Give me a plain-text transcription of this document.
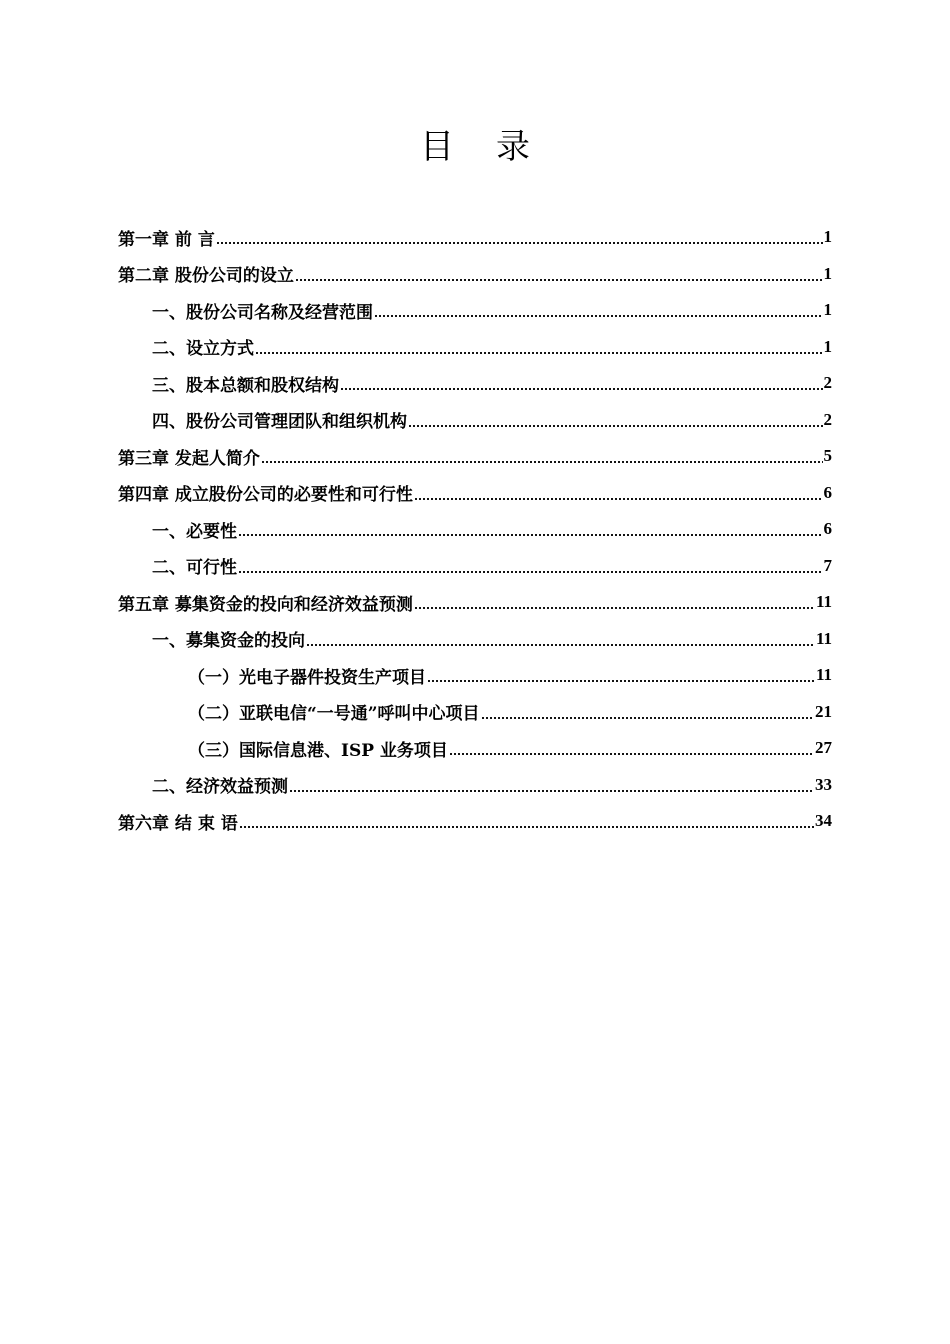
目 录
第一章 前 言	1
第二章 股份公司的设立	1
一、股份公司名称及经营范围	1
二、设立方式	1
三、股本总额和股权结构	2
四、股份公司管理团队和组织机构	2
第三章 发起人简介	5
第四章 成立股份公司的必要性和可行性	6
一、必要性	6
二、可行性	7
第五章 募集资金的投向和经济效益预测	11
一、募集资金的投向	11
（一）光电子器件投资生产项目	11
（二）亚联电信“一号通”呼叫中心项目	21
（三）国际信息港、ISP 业务项目	27
二、经济效益预测	33
第六章 结 束 语	34
